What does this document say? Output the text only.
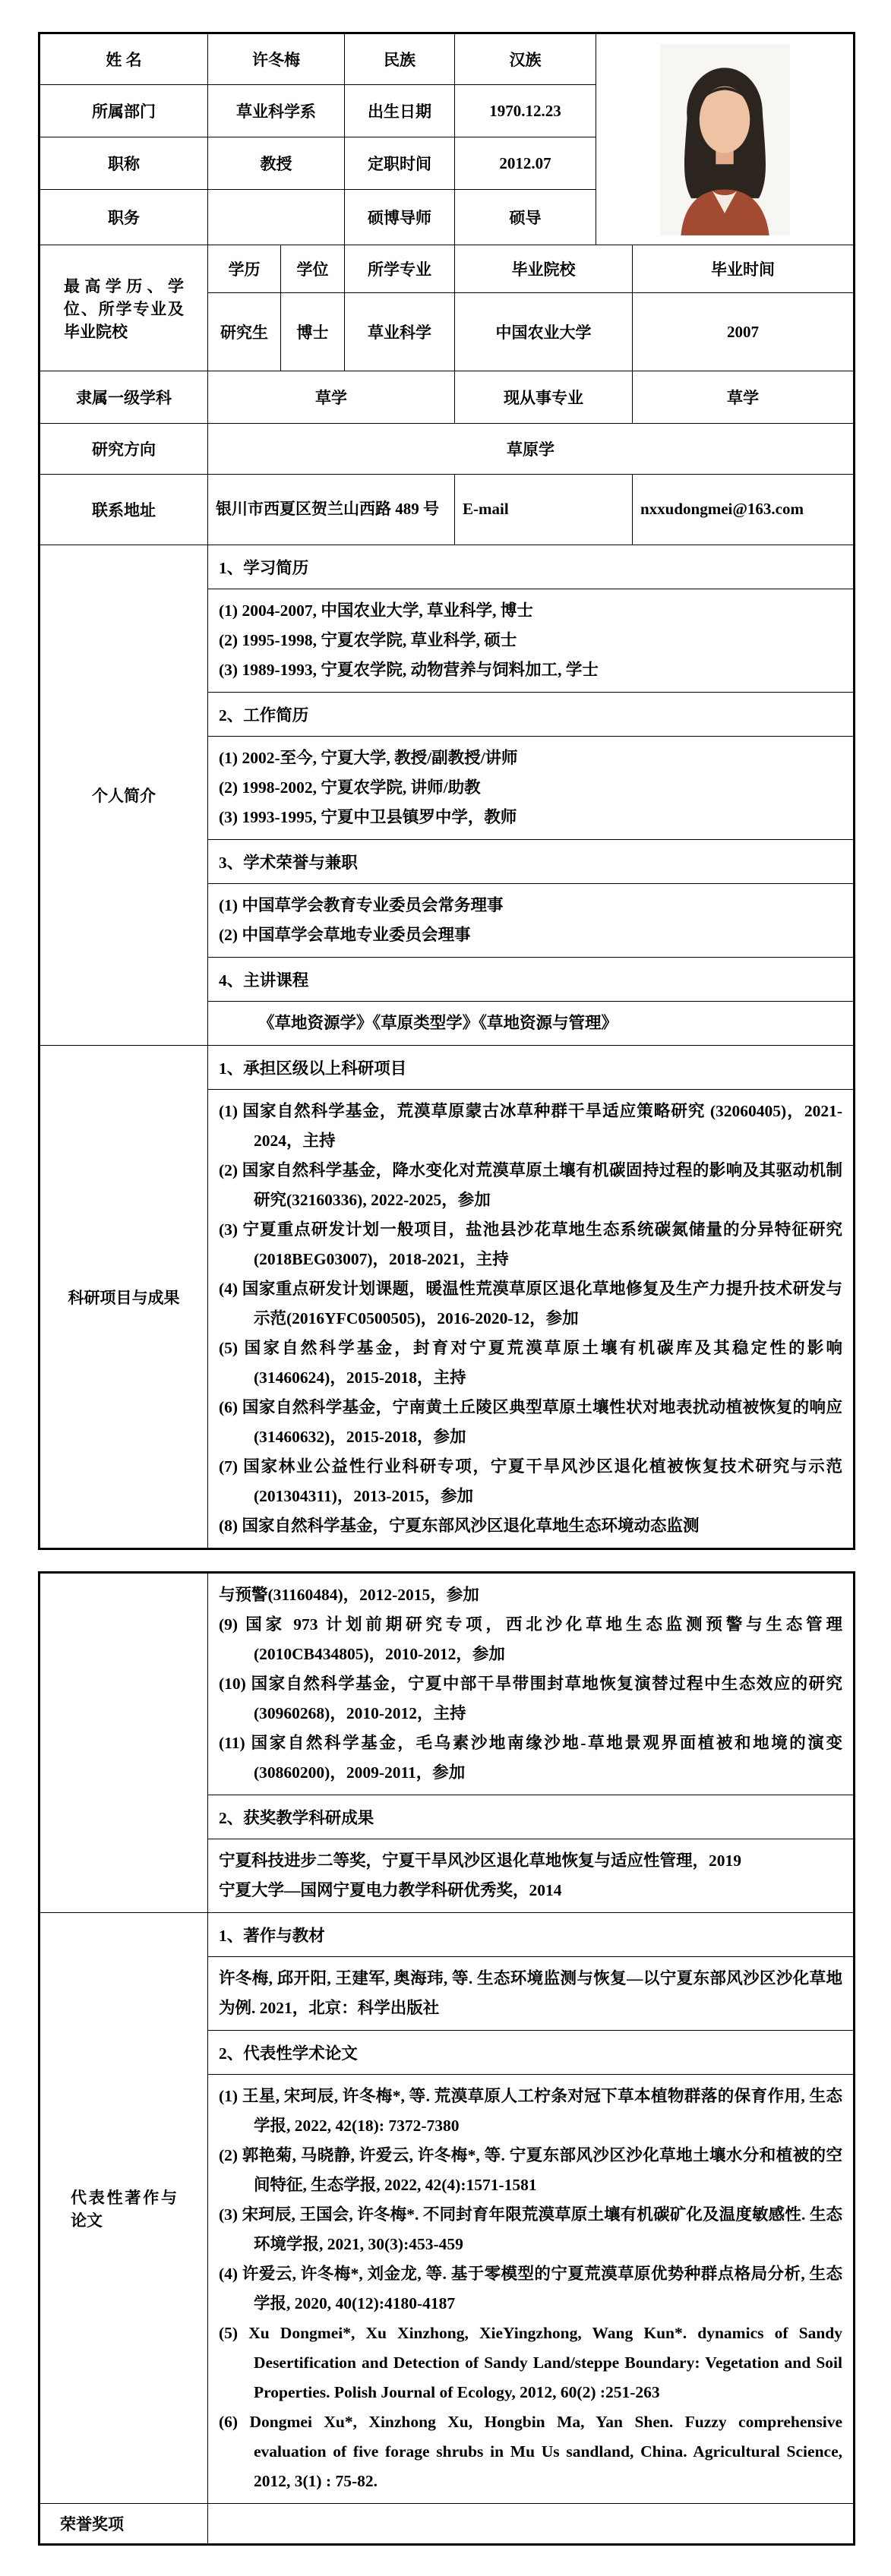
姓 名	许冬梅		民族	汉族	
所属部门	草业科学系		出生日期	1970.12.23		
职称	教授		定职时间	2012.07		
职务			硕博导师	硕导		

最高学历、学位、所学专业及毕业院校	学历	学位	所学专业	毕业院校		毕业时间
	研究生	博士	草业科学	中国农业大学		2007
隶属一级学科	草学			现从事专业		草学
研究方向	草原学					
联系地址	银川市西夏区贺兰山西路 489 号			E-mail		nxxudongmei@163.com
个人简介	1、学习简历					

	(1) 2004-2007, 中国农业大学, 草业科学, 博士
(2) 1995-1998, 宁夏农学院, 草业科学, 硕士
(3) 1989-1993, 宁夏农学院, 动物营养与饲料加工, 学士					

	2、工作简历					

	(1) 2002-至今, 宁夏大学, 教授/副教授/讲师
(2) 1998-2002, 宁夏农学院, 讲师/助教
(3) 1993-1995, 宁夏中卫县镇罗中学，教师					

	3、学术荣誉与兼职					

	(1) 中国草学会教育专业委员会常务理事
(2) 中国草学会草地专业委员会理事					

	4、主讲课程					

	《草地资源学》《草原类型学》《草地资源与管理》					

科研项目与成果	1、承担区级以上科研项目					

(1) 国家自然科学基金，荒漠草原蒙古冰草种群干旱适应策略研究 (32060405)，2021-2024，主持
(2) 国家自然科学基金，降水变化对荒漠草原土壤有机碳固持过程的影响及其驱动机制研究(32160336), 2022-2025，参加
(3) 宁夏重点研发计划一般项目，盐池县沙花草地生态系统碳氮储量的分异特征研究(2018BEG03007)，2018-2021，主持
(4) 国家重点研发计划课题，暖温性荒漠草原区退化草地修复及生产力提升技术研发与示范(2016YFC0500505)，2016-2020-12，参加
(5) 国家自然科学基金，封育对宁夏荒漠草原土壤有机碳库及其稳定性的影响(31460624)，2015-2018，主持
(6) 国家自然科学基金，宁南黄土丘陵区典型草原土壤性状对地表扰动植被恢复的响应(31460632)，2015-2018，参加
(7) 国家林业公益性行业科研专项，宁夏干旱风沙区退化植被恢复技术研究与示范(201304311)，2013-2015，参加
(8) 国家自然科学基金，宁夏东部风沙区退化草地生态环境动态监测

	与预警(31160484)，2012-2015，参加
(9) 国家 973 计划前期研究专项，西北沙化草地生态监测预警与生态管理(2010CB434805)，2010-2012，参加
(10) 国家自然科学基金，宁夏中部干旱带围封草地恢复演替过程中生态效应的研究(30960268)，2010-2012，主持
(11) 国家自然科学基金，毛乌素沙地南缘沙地-草地景观界面植被和地境的演变(30860200)，2009-2011，参加

	2、获奖教学科研成果

	宁夏科技进步二等奖，宁夏干旱风沙区退化草地恢复与适应性管理，2019
宁夏大学—国网宁夏电力教学科研优秀奖，2014

代表性著作与论文	1、著作与教材

	许冬梅, 邱开阳, 王建军, 奥海玮, 等. 生态环境监测与恢复—以宁夏东部风沙区沙化草地为例. 2021，北京：科学出版社

	2、代表性学术论文

(1) 王星, 宋珂辰, 许冬梅*, 等. 荒漠草原人工柠条对冠下草本植物群落的保育作用, 生态学报, 2022, 42(18): 7372-7380
(2) 郭艳菊, 马晓静, 许爱云, 许冬梅*, 等. 宁夏东部风沙区沙化草地土壤水分和植被的空间特征, 生态学报, 2022, 42(4):1571-1581
(3) 宋珂辰, 王国会, 许冬梅*. 不同封育年限荒漠草原土壤有机碳矿化及温度敏感性. 生态环境学报, 2021, 30(3):453-459
(4) 许爱云, 许冬梅*, 刘金龙, 等. 基于零模型的宁夏荒漠草原优势种群点格局分析, 生态学报, 2020, 40(12):4180-4187
(5) Xu Dongmei*, Xu Xinzhong, XieYingzhong, Wang Kun*. dynamics of Sandy Desertification and Detection of Sandy Land/steppe Boundary: Vegetation and Soil Properties. Polish Journal of Ecology, 2012, 60(2) :251-263
(6) Dongmei Xu*, Xinzhong Xu, Hongbin Ma, Yan Shen. Fuzzy comprehensive evaluation of five forage shrubs in Mu Us sandland, China. Agricultural Science, 2012, 3(1) : 75-82.

荣誉奖项	
